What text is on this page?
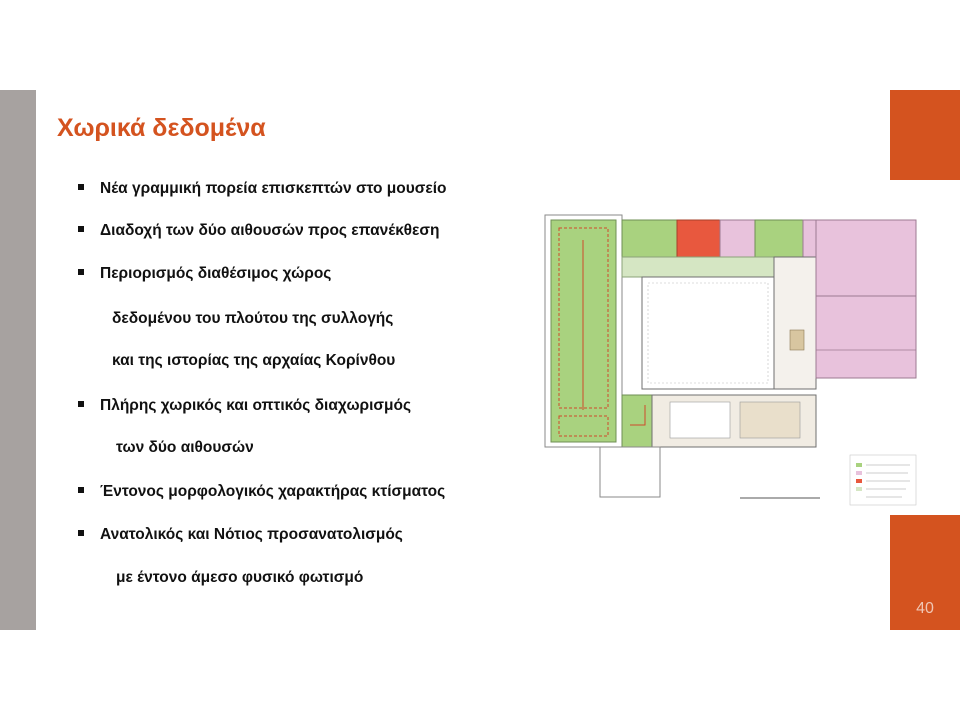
40
Χωρικά δεδομένα
Νέα γραμμική πορεία επισκεπτών στο μουσείο
Διαδοχή των δύο αιθουσών προς επανέκθεση
Περιορισμός διαθέσιμος χώρος
δεδομένου του πλούτου της συλλογής
και της ιστορίας της αρχαίας Κορίνθου
Πλήρης χωρικός και οπτικός διαχωρισμός
των δύο αιθουσών
Έντονος μορφολογικός χαρακτήρας κτίσματος
Ανατολικός και Νότιος προσανατολισμός
με έντονο άμεσο φυσικό φωτισμό
